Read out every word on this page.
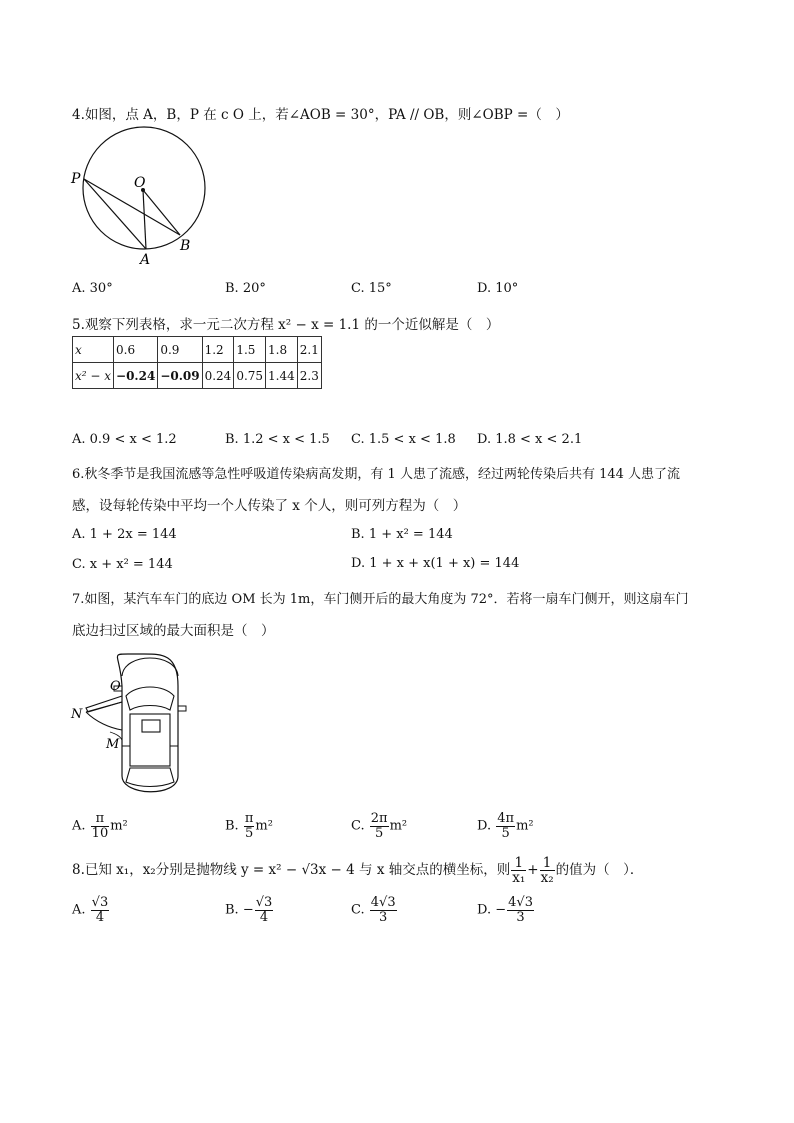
4.如图，点 A，B，P 在 c O 上，若∠AOB = 30°，PA // OB，则∠OBP =（　）
P	O
A
B
A. 30°	B. 20°	C. 15°	D. 10°
5.观察下列表格，求一元二次方程 x² − x = 1.1 的一个近似解是（　）
x	0.6	0.9	1.2	1.5	1.8	2.1
x² − x	−0.24	−0.09	0.24	0.75	1.44	2.3
A. 0.9 < x < 1.2	B. 1.2 < x < 1.5 C. 1.5 < x < 1.8 D. 1.8 < x < 2.1
6.秋冬季节是我国流感等急性呼吸道传染病高发期，有 1 人患了流感，经过两轮传染后共有 144 人患了流
感，设每轮传染中平均一个人传染了 x 个人，则可列方程为（　）
A. 1 + 2x = 144	B. 1 + x² = 144
C. x + x² = 144	D. 1 + x + x(1 + x) = 144
7.如图，某汽车车门的底边 OM 长为 1m，车门侧开后的最大角度为 72°．若将一扇车门侧开，则这扇车门
底边扫过区域的最大面积是（　）
O
N
M
A. $\frac{\pi}{10} m^2$	B. $\frac{\pi}{5} m^2$	C. $\frac{2\pi}{5} m^2$	D. $\frac{4\pi}{5} m^2$
8.已知 x₁，x₂分别是抛物线 y = x² − √3x − 4 与 x 轴交点的横坐标，则 $\frac{1}{\text{x₁}} + \frac{1}{\text{x₂}}$ 的值为（　）．
A. $\frac{√3}{4}$	B. − $\frac{√3}{4}$	C. $\frac{4√3}{3}$	D. − $\frac{4√3}{3}$
